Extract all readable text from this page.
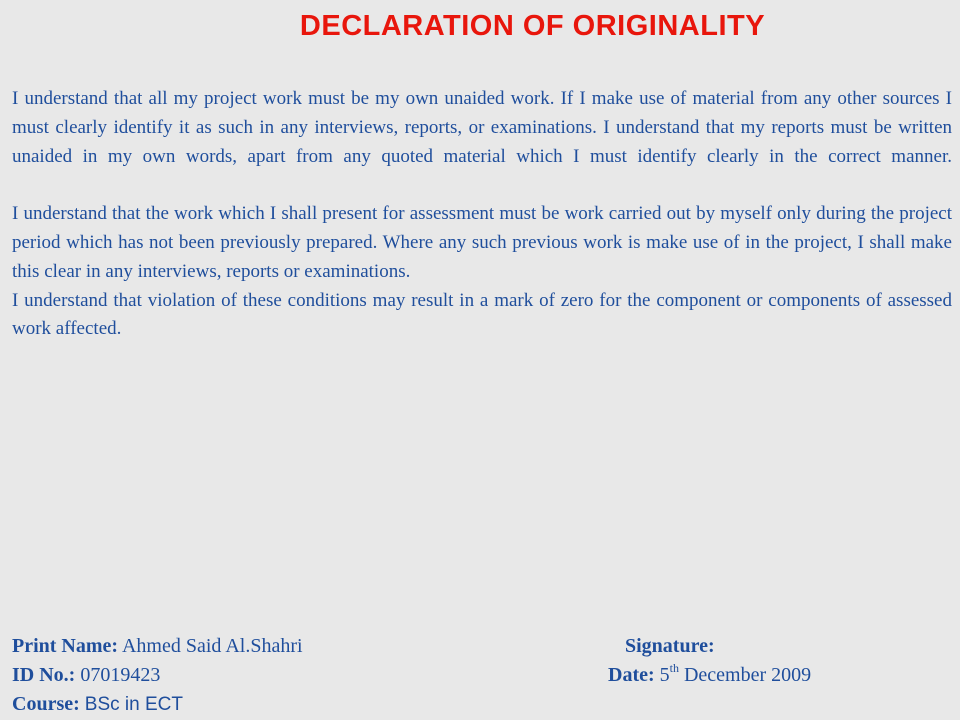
DECLARATION OF ORIGINALITY

I understand that all my project work must be my own unaided work. If I make use of material from any other sources I must clearly identify it as such in any interviews, reports, or examinations. I understand that my reports must be written unaided in my own words, apart from any quoted material which I must identify clearly in the correct manner.

I understand that the work which I shall present for assessment must be work carried out by myself only during the project period which has not been previously prepared. Where any such previous work is make use of in the project, I shall make this clear in any interviews, reports or examinations.

I understand that violation of these conditions may result in a mark of zero for the component or components of assessed work affected.

Print Name: Ahmed Said Al.Shahri	Signature:
ID No.: 07019423	Date: 5th December 2009
Course: BSc in ECT
